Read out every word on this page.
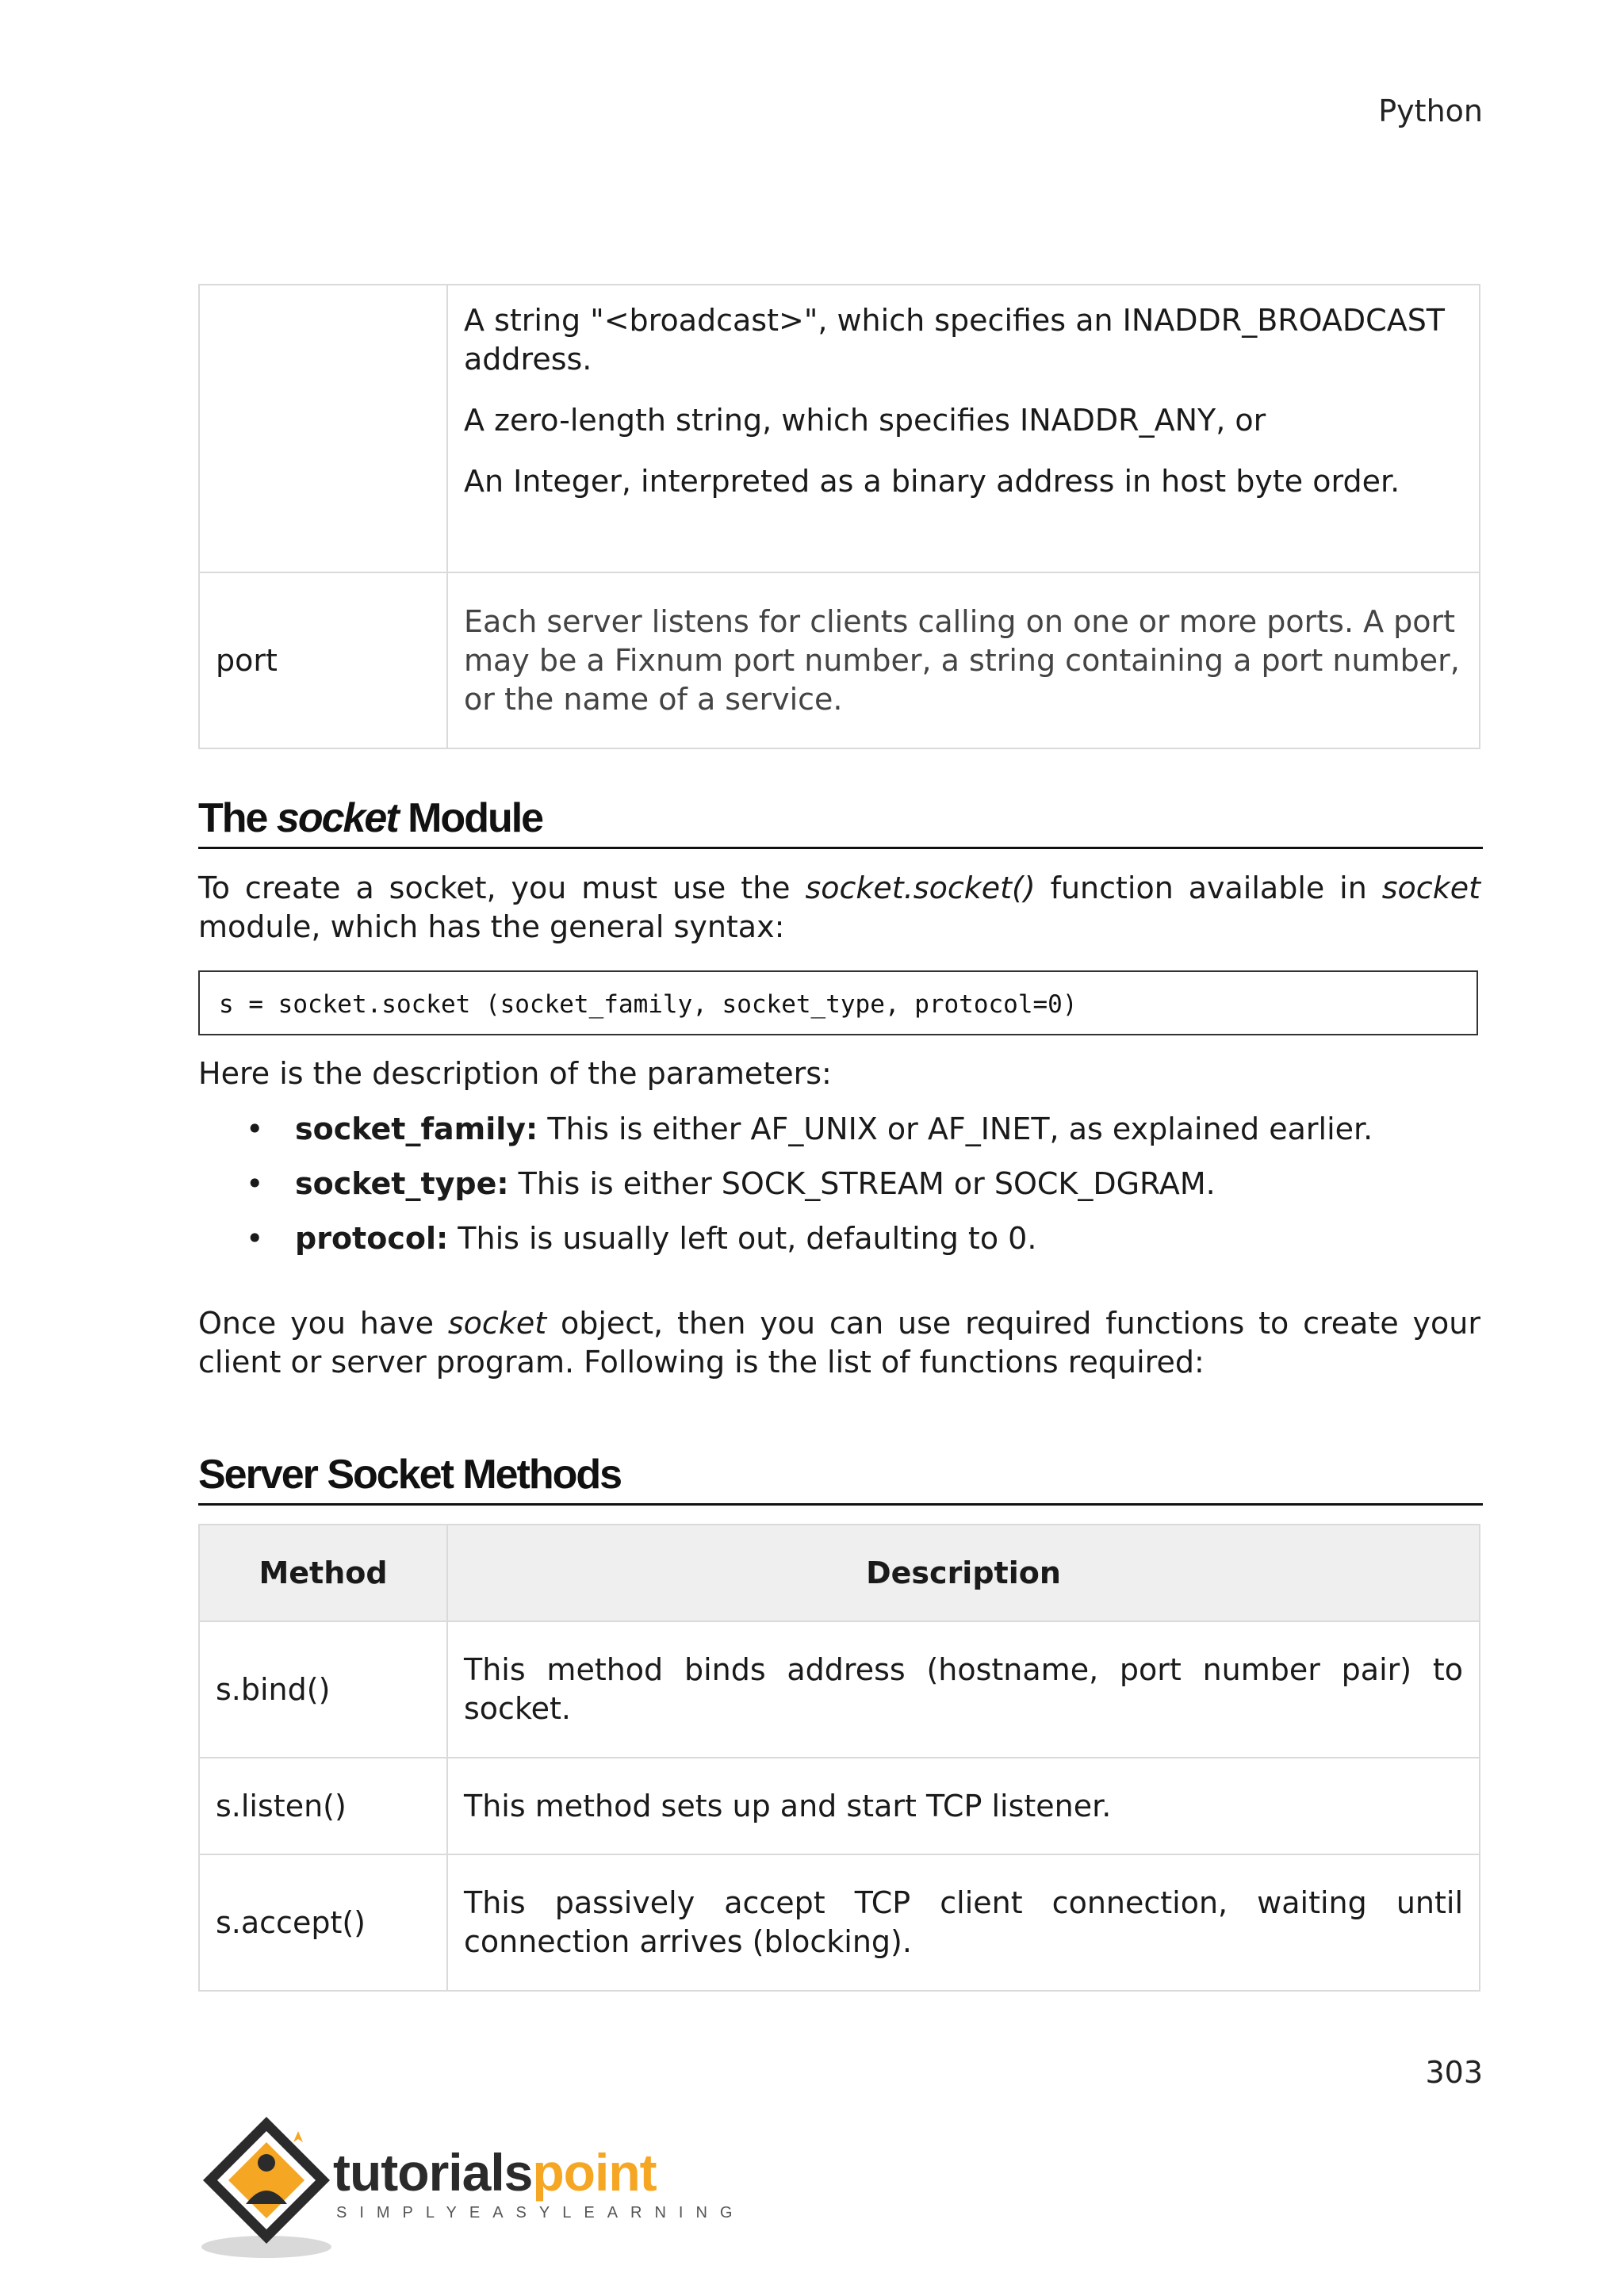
Python

	A string "<broadcast>", which specifies an INADDR_BROADCAST address.

A zero-length string, which specifies INADDR_ANY, or

An Integer, interpreted as a binary address in host byte order.

port	Each server listens for clients calling on one or more ports. A port may be a Fixnum port number, a string containing a port number, or the name of a service.
The socket Module
To create a socket, you must use the socket.socket() function available in socket module, which has the general syntax:
s = socket.socket (socket_family, socket_type, protocol=0)
Here is the description of the parameters:
• socket_family: This is either AF_UNIX or AF_INET, as explained earlier.
• socket_type: This is either SOCK_STREAM or SOCK_DGRAM.
• protocol: This is usually left out, defaulting to 0.
Once you have socket object, then you can use required functions to create your client or server program. Following is the list of functions required:
Server Socket Methods
Method	Description
s.bind()	This method binds address (hostname, port number pair) to socket.
s.listen()	This method sets up and start TCP listener.
s.accept()	This passively accept TCP client connection, waiting until connection arrives (blocking).
303
tutorialspoint
SIMPLYEASYLEARNING
